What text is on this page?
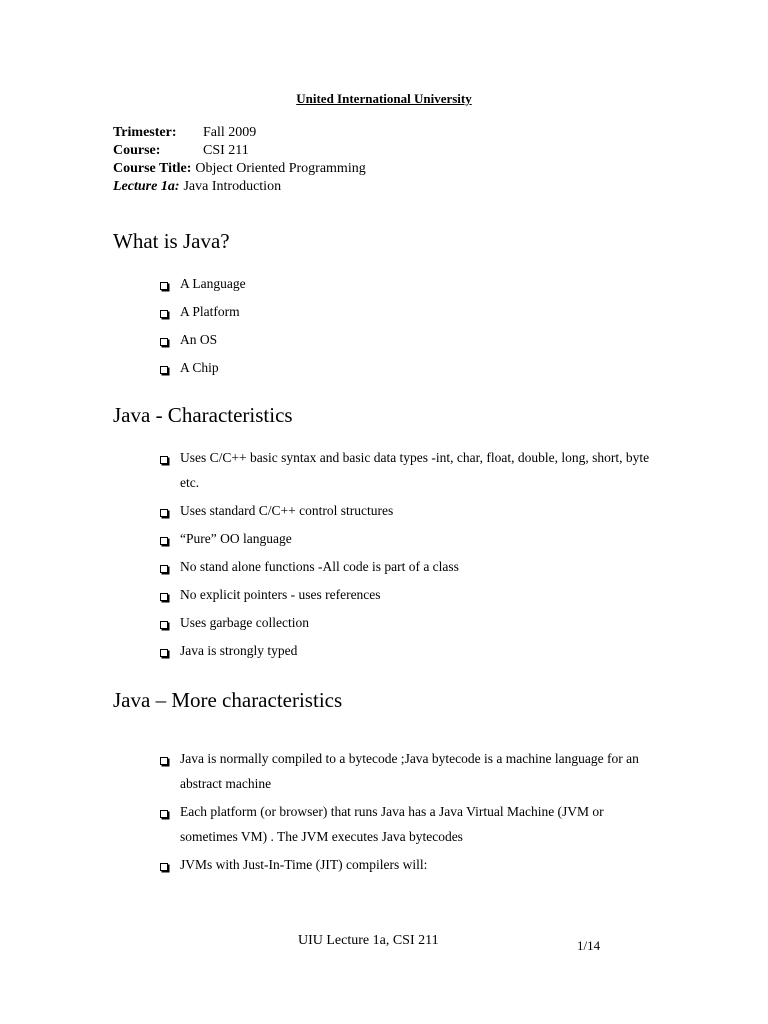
United International University
Trimester:	Fall 2009
Course:	CSI 211
Course Title: Object Oriented Programming
Lecture 1a: Java Introduction
What is Java?
A Language
A Platform
An OS
A Chip
Java - Characteristics
Uses C/C++ basic syntax and basic data types -int, char, float, double, long, short, byte etc.
Uses standard C/C++ control structures
“Pure” OO language
No stand alone functions -All code is part of a class
No explicit pointers - uses references
Uses garbage collection
Java is strongly typed
Java – More characteristics
Java is normally compiled to a bytecode ;Java bytecode is a machine language for an abstract machine
Each platform (or browser) that runs Java has a Java Virtual Machine (JVM or sometimes VM) . The JVM executes Java bytecodes
JVMs with Just-In-Time (JIT) compilers will:
UIU Lecture 1a, CSI 211	1/14
